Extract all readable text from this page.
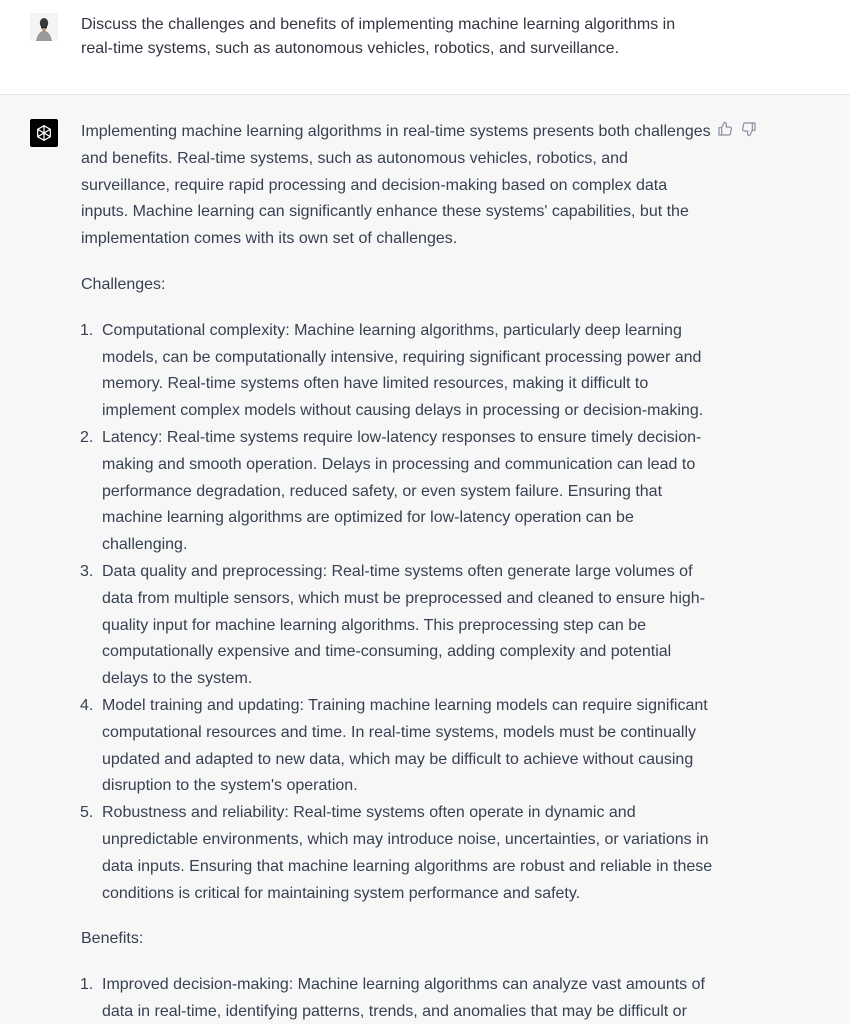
Discuss the challenges and benefits of implementing machine learning algorithms in real-time systems, such as autonomous vehicles, robotics, and surveillance.

Implementing machine learning algorithms in real-time systems presents both challenges and benefits. Real-time systems, such as autonomous vehicles, robotics, and surveillance, require rapid processing and decision-making based on complex data inputs. Machine learning can significantly enhance these systems' capabilities, but the implementation comes with its own set of challenges.

Challenges:

1. Computational complexity: Machine learning algorithms, particularly deep learning models, can be computationally intensive, requiring significant processing power and memory. Real-time systems often have limited resources, making it difficult to implement complex models without causing delays in processing or decision-making.
2. Latency: Real-time systems require low-latency responses to ensure timely decision-making and smooth operation. Delays in processing and communication can lead to performance degradation, reduced safety, or even system failure. Ensuring that machine learning algorithms are optimized for low-latency operation can be challenging.
3. Data quality and preprocessing: Real-time systems often generate large volumes of data from multiple sensors, which must be preprocessed and cleaned to ensure high-quality input for machine learning algorithms. This preprocessing step can be computationally expensive and time-consuming, adding complexity and potential delays to the system.
4. Model training and updating: Training machine learning models can require significant computational resources and time. In real-time systems, models must be continually updated and adapted to new data, which may be difficult to achieve without causing disruption to the system's operation.
5. Robustness and reliability: Real-time systems often operate in dynamic and unpredictable environments, which may introduce noise, uncertainties, or variations in data inputs. Ensuring that machine learning algorithms are robust and reliable in these conditions is critical for maintaining system performance and safety.

Benefits:

1. Improved decision-making: Machine learning algorithms can analyze vast amounts of data in real-time, identifying patterns, trends, and anomalies that may be difficult or
